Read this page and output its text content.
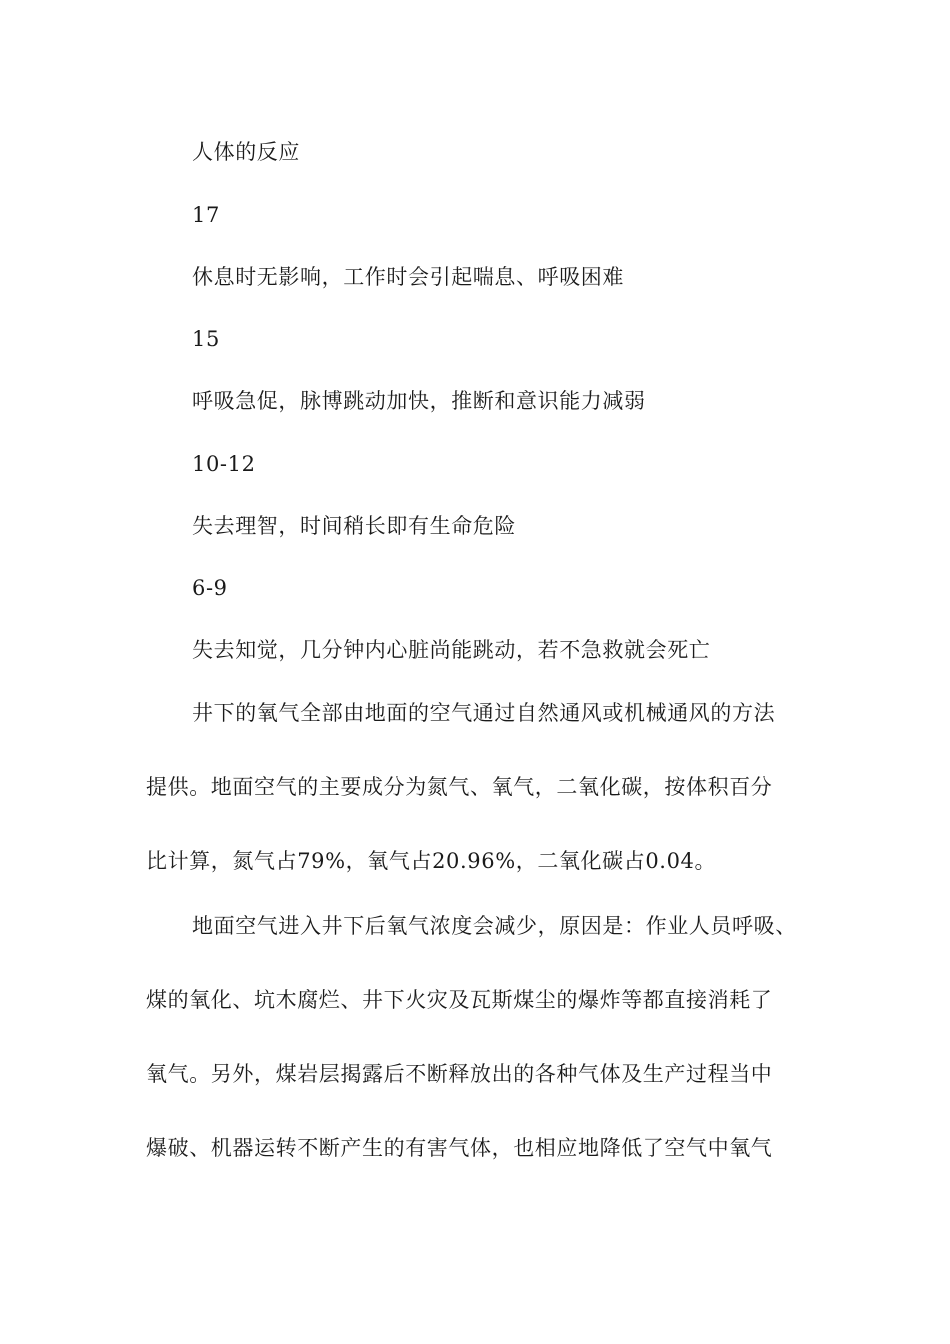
人体的反应
17
休息时无影响，工作时会引起喘息、呼吸困难
15
呼吸急促，脉博跳动加快，推断和意识能力减弱
10-12
失去理智，时间稍长即有生命危险
6-9
失去知觉，几分钟内心脏尚能跳动，若不急救就会死亡
井下的氧气全部由地面的空气通过自然通风或机械通风的方法
提供。地面空气的主要成分为氮气、氧气，二氧化碳，按体积百分
比计算，氮气占79%，氧气占20.96%，二氧化碳占0.04。
地面空气进入井下后氧气浓度会减少，原因是：作业人员呼吸、
煤的氧化、坑木腐烂、井下火灾及瓦斯煤尘的爆炸等都直接消耗了
氧气。另外，煤岩层揭露后不断释放出的各种气体及生产过程当中
爆破、机器运转不断产生的有害气体，也相应地降低了空气中氧气
